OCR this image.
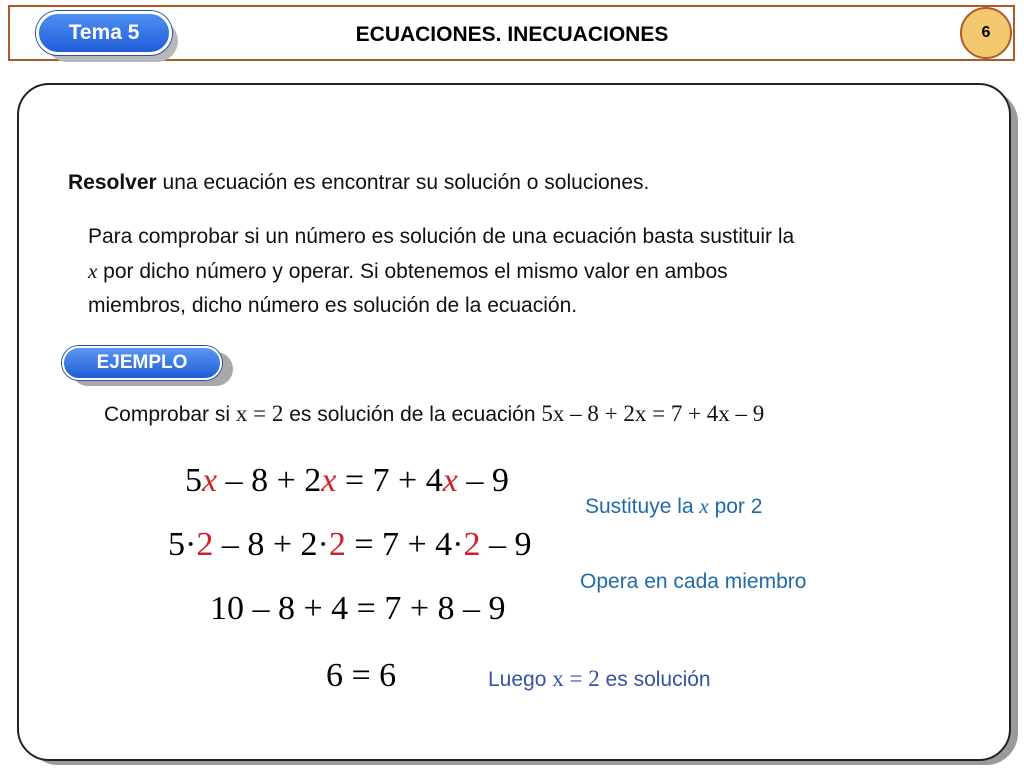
Tema 5	ECUACIONES. INECUACIONES	6
Resolver una ecuación es encontrar su solución o soluciones.
Para comprobar si un número es solución de una ecuación basta sustituir la
x por dicho número y operar. Si obtenemos el mismo valor en ambos
miembros, dicho número es solución de la ecuación.
EJEMPLO
Comprobar si x = 2 es solución de la ecuación 5x – 8 + 2x = 7 + 4x – 9
5x – 8 + 2x = 7 + 4x – 9
Sustituye la x por 2
5·2 – 8 + 2·2 = 7 + 4·2 – 9
Opera en cada miembro
10 – 8 + 4 = 7 + 8 – 9
6 = 6	Luego x = 2 es solución
